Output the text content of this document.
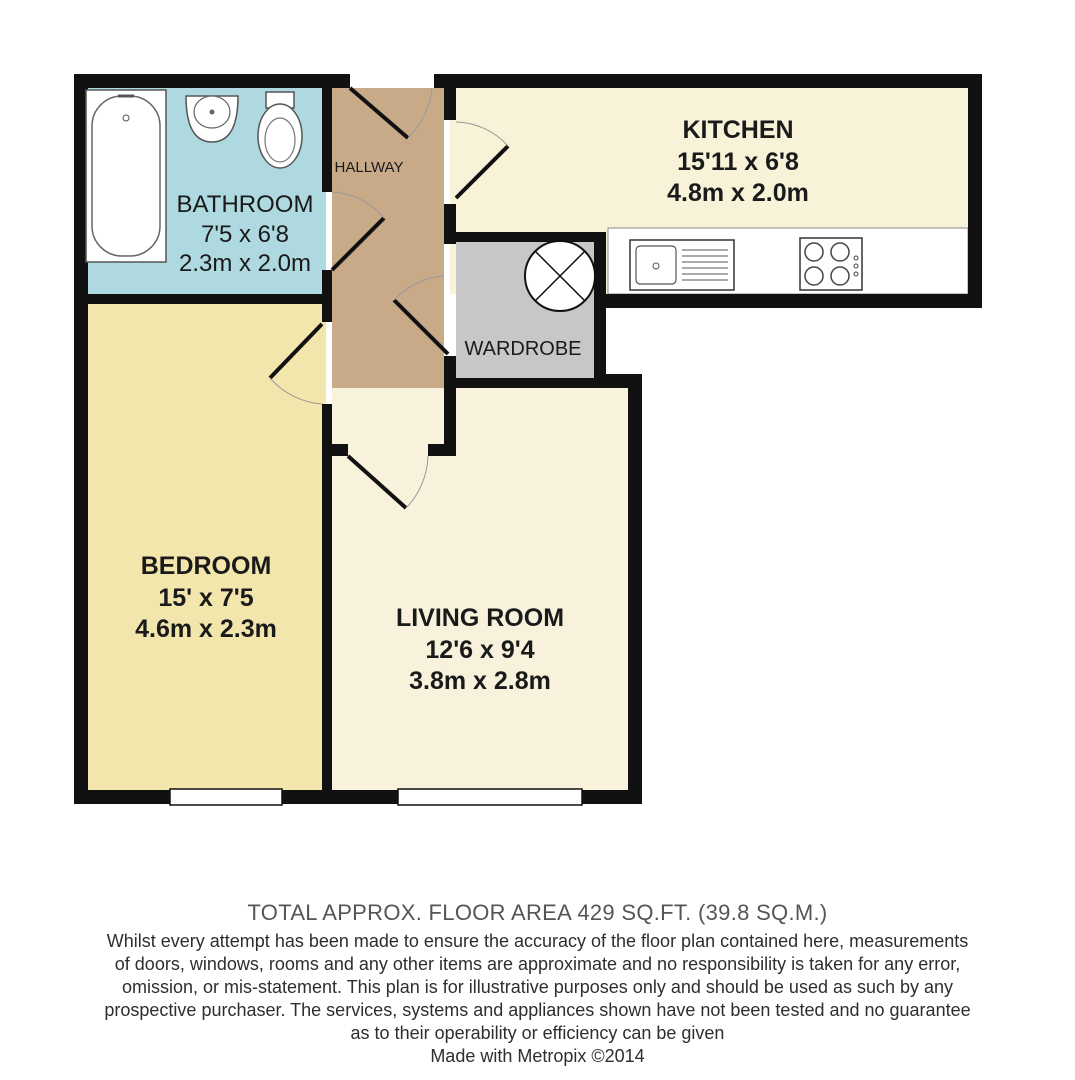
KITCHEN
15'11 x 6'8
4.8m x 2.0m
BATHROOM
7'5 x 6'8
2.3m x 2.0m
HALLWAY
WARDROBE
BEDROOM
15' x 7'5
4.6m x 2.3m	LIVING ROOM
12'6 x 9'4
3.8m x 2.8m
TOTAL APPROX. FLOOR AREA 429 SQ.FT. (39.8 SQ.M.)
Whilst every attempt has been made to ensure the accuracy of the floor plan contained here, measurements
of doors, windows, rooms and any other items are approximate and no responsibility is taken for any error,
omission, or mis-statement. This plan is for illustrative purposes only and should be used as such by any
prospective purchaser. The services, systems and appliances shown have not been tested and no guarantee
as to their operability or efficiency can be given
Made with Metropix ©2014
